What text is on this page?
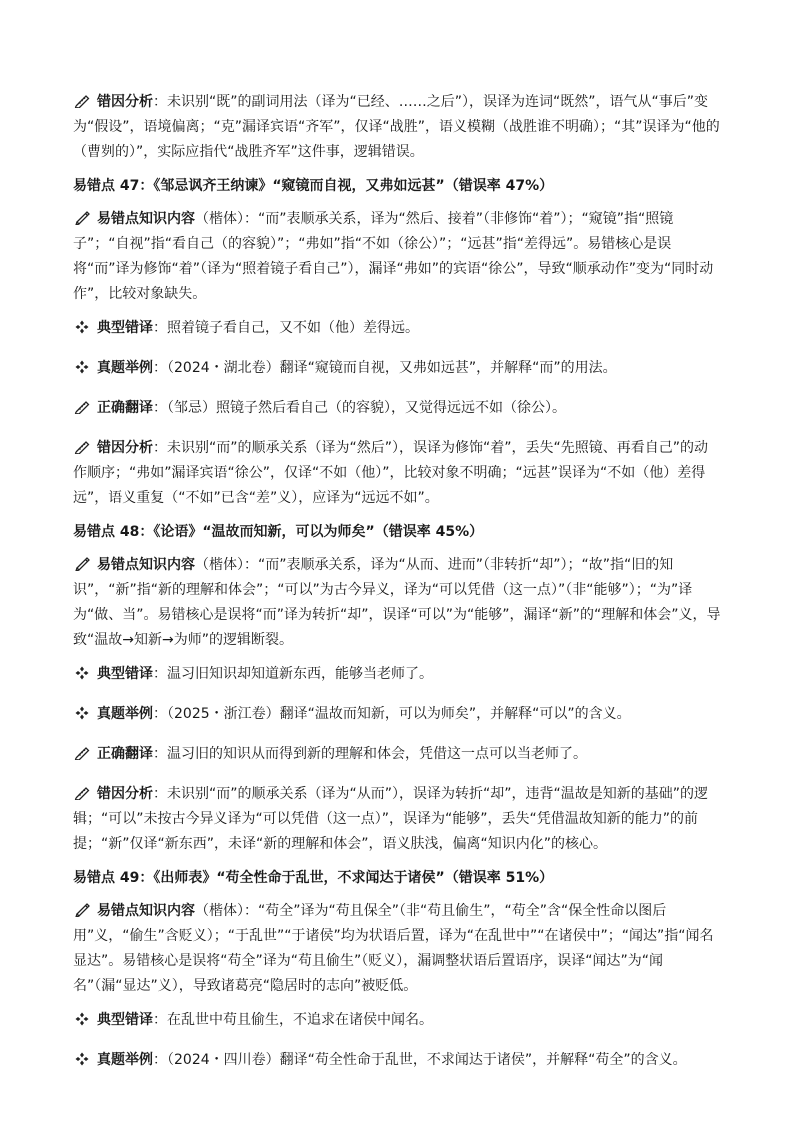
错因分析：未识别“既”的副词用法（译为“已经、……之后”），误译为连词“既然”，语气从“事后”变为“假设”，语境偏离；“克”漏译宾语“齐军”，仅译“战胜”，语义模糊（战胜谁不明确）；“其”误译为“他的（曹刿的）”，实际应指代“战胜齐军”这件事，逻辑错误。
易错点 47：《邹忌讽齐王纳谏》“窥镜而自视，又弗如远甚”（错误率 47%）
易错点知识内容（楷体）：“而”表顺承关系，译为“然后、接着”（非修饰“着”）；“窥镜”指“照镜子”；“自视”指“看自己（的容貌）”；“弗如”指“不如（徐公）”；“远甚”指“差得远”。易错核心是误将“而”译为修饰“着”（译为“照着镜子看自己”），漏译“弗如”的宾语“徐公”，导致“顺承动作”变为“同时动作”，比较对象缺失。
典型错译：照着镜子看自己，又不如（他）差得远。
真题举例：（2024・湖北卷）翻译“窥镜而自视，又弗如远甚”，并解释“而”的用法。
正确翻译：（邹忌）照镜子然后看自己（的容貌），又觉得远远不如（徐公）。
错因分析：未识别“而”的顺承关系（译为“然后”），误译为修饰“着”，丢失“先照镜、再看自己”的动作顺序；“弗如”漏译宾语“徐公”，仅译“不如（他）”，比较对象不明确；“远甚”误译为“不如（他）差得远”，语义重复（“不如”已含“差”义），应译为“远远不如”。
易错点 48：《论语》“温故而知新，可以为师矣”（错误率 45%）
易错点知识内容（楷体）：“而”表顺承关系，译为“从而、进而”（非转折“却”）；“故”指“旧的知识”，“新”指“新的理解和体会”；“可以”为古今异义，译为“可以凭借（这一点）”（非“能够”）；“为”译为“做、当”。易错核心是误将“而”译为转折“却”，误译“可以”为“能够”，漏译“新”的“理解和体会”义，导致“温故→知新→为师”的逻辑断裂。
典型错译：温习旧知识却知道新东西，能够当老师了。
真题举例：（2025・浙江卷）翻译“温故而知新，可以为师矣”，并解释“可以”的含义。
正确翻译：温习旧的知识从而得到新的理解和体会，凭借这一点可以当老师了。
错因分析：未识别“而”的顺承关系（译为“从而”），误译为转折“却”，违背“温故是知新的基础”的逻辑；“可以”未按古今异义译为“可以凭借（这一点）”，误译为“能够”，丢失“凭借温故知新的能力”的前提；“新”仅译“新东西”，未译“新的理解和体会”，语义肤浅，偏离“知识内化”的核心。
易错点 49：《出师表》“苟全性命于乱世，不求闻达于诸侯”（错误率 51%）
易错点知识内容（楷体）：“苟全”译为“苟且保全”（非“苟且偷生”，“苟全”含“保全性命以图后用”义，“偷生”含贬义）；“于乱世”“于诸侯”均为状语后置，译为“在乱世中”“在诸侯中”；“闻达”指“闻名显达”。易错核心是误将“苟全”译为“苟且偷生”（贬义），漏调整状语后置语序，误译“闻达”为“闻名”（漏“显达”义），导致诸葛亮“隐居时的志向”被贬低。
典型错译：在乱世中苟且偷生，不追求在诸侯中闻名。
真题举例：（2024・四川卷）翻译“苟全性命于乱世，不求闻达于诸侯”，并解释“苟全”的含义。
